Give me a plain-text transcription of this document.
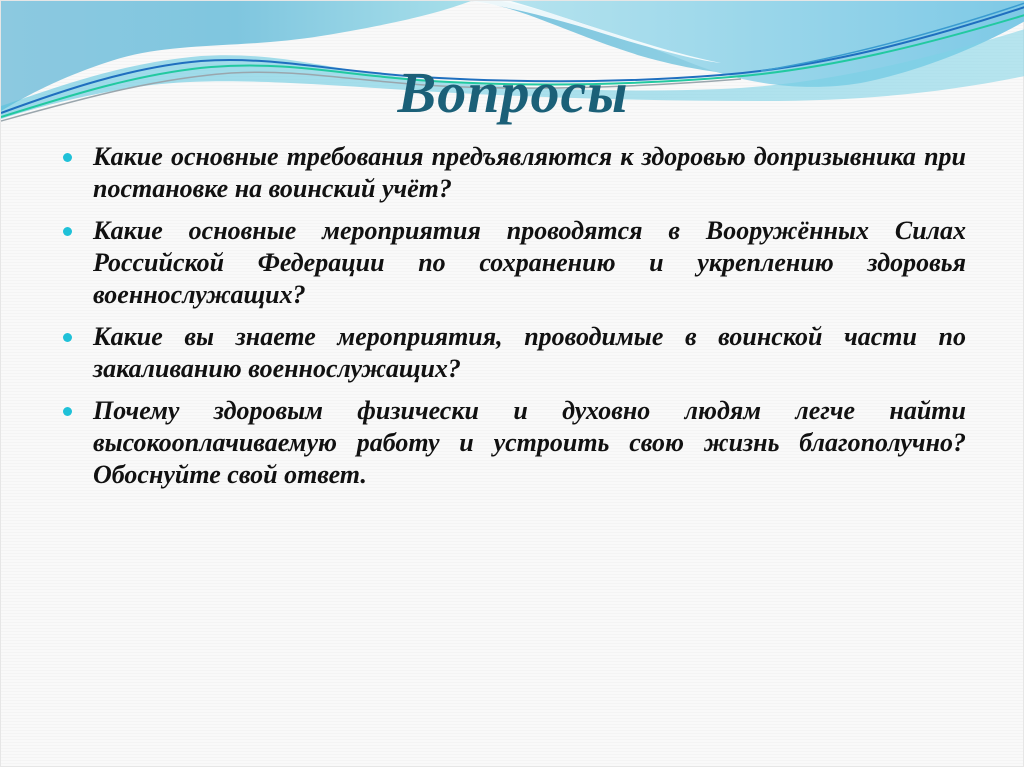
Вопросы
Какие основные требования предъявляются к здоровью допризывника при постановке на воинский учёт?
Какие основные мероприятия проводятся в Вооружённых Силах Российской Федерации по сохранению и укреплению здоровья военнослужащих?
Какие вы знаете мероприятия, проводимые в воинской части по закаливанию военнослужащих?
Почему здоровым физически и духовно людям легче найти высокооплачиваемую работу и устроить свою жизнь благополучно? Обоснуйте свой ответ.
